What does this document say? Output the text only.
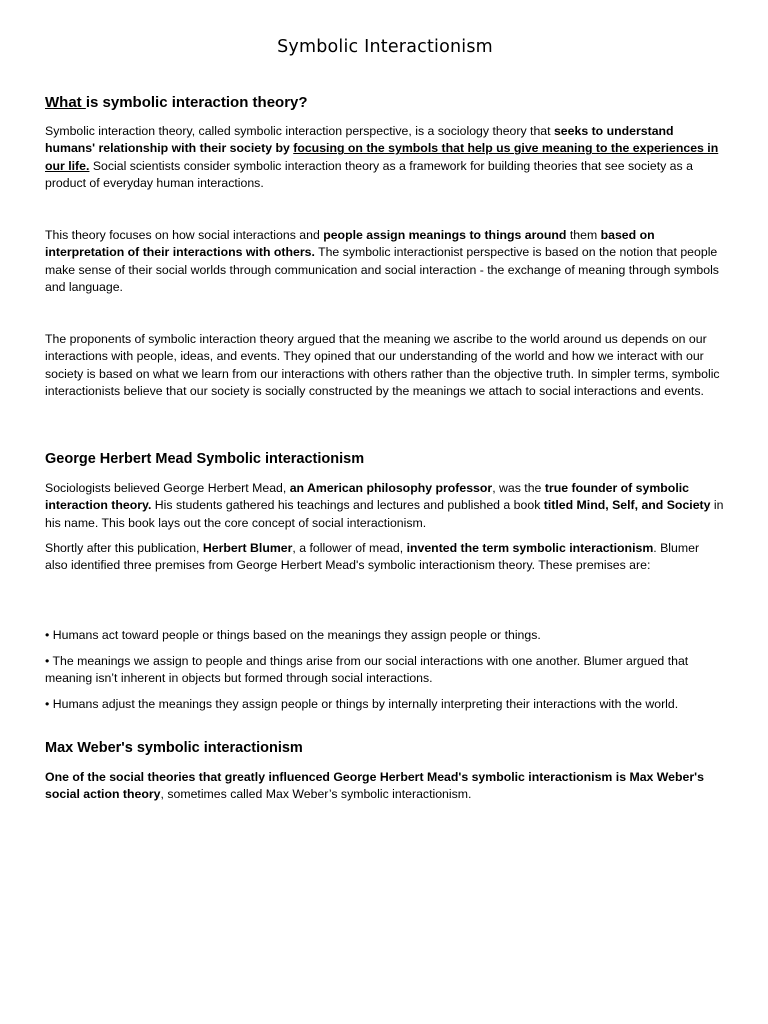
Symbolic Interactionism
What is symbolic interaction theory?
Symbolic interaction theory, called symbolic interaction perspective, is a sociology theory that seeks to understand humans' relationship with their society by focusing on the symbols that help us give meaning to the experiences in our life. Social scientists consider symbolic interaction theory as a framework for building theories that see society as a product of everyday human interactions.
This theory focuses on how social interactions and people assign meanings to things around them based on interpretation of their interactions with others. The symbolic interactionist perspective is based on the notion that people make sense of their social worlds through communication and social interaction - the exchange of meaning through symbols and language.
The proponents of symbolic interaction theory argued that the meaning we ascribe to the world around us depends on our interactions with people, ideas, and events. They opined that our understanding of the world and how we interact with our society is based on what we learn from our interactions with others rather than the objective truth. In simpler terms, symbolic interactionists believe that our society is socially constructed by the meanings we attach to social interactions and events.
George Herbert Mead Symbolic interactionism
Sociologists believed George Herbert Mead, an American philosophy professor, was the true founder of symbolic interaction theory. His students gathered his teachings and lectures and published a book titled Mind, Self, and Society in his name. This book lays out the core concept of social interactionism.
Shortly after this publication, Herbert Blumer, a follower of mead, invented the term symbolic interactionism. Blumer also identified three premises from George Herbert Mead's symbolic interactionism theory. These premises are:
• Humans act toward people or things based on the meanings they assign people or things.
• The meanings we assign to people and things arise from our social interactions with one another. Blumer argued that meaning isn’t inherent in objects but formed through social interactions.
• Humans adjust the meanings they assign people or things by internally interpreting their interactions with the world.
Max Weber's symbolic interactionism
One of the social theories that greatly influenced George Herbert Mead's symbolic interactionism is Max Weber's social action theory, sometimes called Max Weber’s symbolic interactionism.
